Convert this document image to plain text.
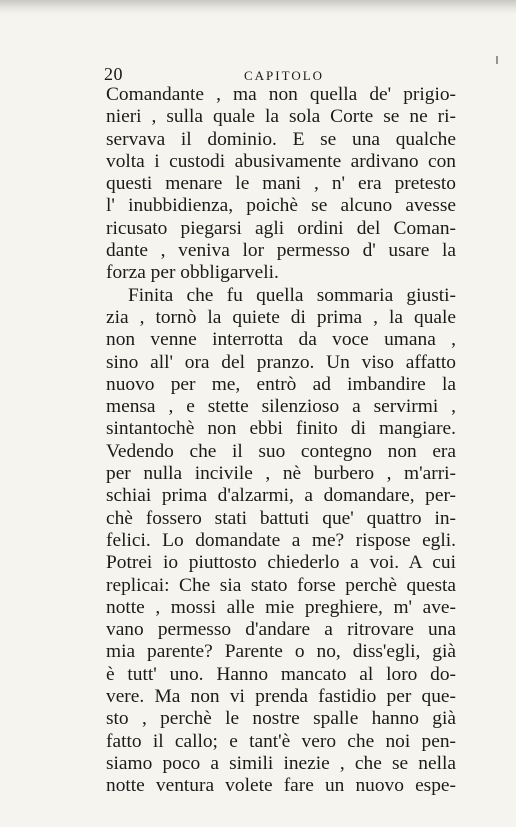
20	CAPITOLO
Comandante , ma non quella de' prigio-
nieri , sulla quale la sola Corte se ne ri-
servava il dominio. E se una qualche
volta i custodi abusivamente ardivano con
questi menare le mani , n' era pretesto
l' inubbidienza, poichè se alcuno avesse
ricusato piegarsi agli ordini del Coman-
dante , veniva lor permesso d' usare la
forza per obbligarveli.
Finita che fu quella sommaria giusti-
zia , tornò la quiete di prima , la quale
non venne interrotta da voce umana ,
sino all' ora del pranzo. Un viso affatto
nuovo per me, entrò ad imbandire la
mensa , e stette silenzioso a servirmi ,
sintantochè non ebbi finito di mangiare.
Vedendo che il suo contegno non era
per nulla incivile , nè burbero , m'arri-
schiai prima d'alzarmi, a domandare, per-
chè fossero stati battuti que' quattro in-
felici. Lo domandate a me? rispose egli.
Potrei io piuttosto chiederlo a voi. A cui
replicai: Che sia stato forse perchè questa
notte , mossi alle mie preghiere, m' ave-
vano permesso d'andare a ritrovare una
mia parente? Parente o no, diss'egli, già
è tutt' uno. Hanno mancato al loro do-
vere. Ma non vi prenda fastidio per que-
sto , perchè le nostre spalle hanno già
fatto il callo; e tant'è vero che noi pen-
siamo poco a simili inezie , che se nella
notte ventura volete fare un nuovo espe-
